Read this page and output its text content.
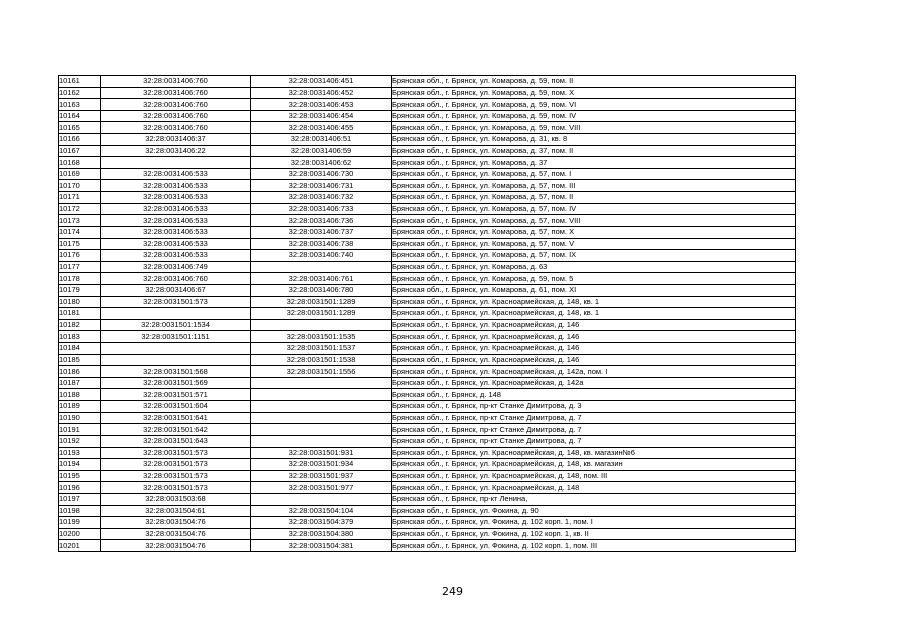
10161	32:28:0031406:760	32:28:0031406:451	Брянская обл., г. Брянск, ул. Комарова, д. 59, пом. II
10162	32:28:0031406:760	32:28:0031406:452	Брянская обл., г. Брянск, ул. Комарова, д. 59, пом. X
10163	32:28:0031406:760	32:28:0031406:453	Брянская обл., г. Брянск, ул. Комарова, д. 59, пом. VI
10164	32:28:0031406:760	32:28:0031406:454	Брянская обл., г. Брянск, ул. Комарова, д. 59, пом. IV
10165	32:28:0031406:760	32:28:0031406:455	Брянская обл., г. Брянск, ул. Комарова, д. 59, пом. VIII
10166	32:28:0031406:37	32:28:0031406:51	Брянская обл., г. Брянск, ул. Комарова, д. 31, кв. 8
10167	32:28:0031406:22	32:28:0031406:59	Брянская обл., г. Брянск, ул. Комарова, д. 37, пом. II
10168		32:28:0031406:62	Брянская обл., г. Брянск, ул. Комарова, д. 37
10169	32:28:0031406:533	32:28:0031406:730	Брянская обл., г. Брянск, ул. Комарова, д. 57, пом. I
10170	32:28:0031406:533	32:28:0031406:731	Брянская обл., г. Брянск, ул. Комарова, д. 57, пом. III
10171	32:28:0031406:533	32:28:0031406:732	Брянская обл., г. Брянск, ул. Комарова, д. 57, пом. II
10172	32:28:0031406:533	32:28:0031406:733	Брянская обл., г. Брянск, ул. Комарова, д. 57, пом. IV
10173	32:28:0031406:533	32:28:0031406:736	Брянская обл., г. Брянск, ул. Комарова, д. 57, пом. VIII
10174	32:28:0031406:533	32:28:0031406:737	Брянская обл., г. Брянск, ул. Комарова, д. 57, пом. X
10175	32:28:0031406:533	32:28:0031406:738	Брянская обл., г. Брянск, ул. Комарова, д. 57, пом. V
10176	32:28:0031406:533	32:28:0031406:740	Брянская обл., г. Брянск, ул. Комарова, д. 57, пом. IX
10177	32:28:0031406:749		Брянская обл., г. Брянск, ул. Комарова, д. 63
10178	32:28:0031406:760	32:28:0031406:761	Брянская обл., г. Брянск, ул. Комарова, д. 59, пом. 5
10179	32:28:0031406:67	32:28:0031406:780	Брянская обл., г. Брянск, ул. Комарова, д. 61, пом. XI
10180	32:28:0031501:573	32:28:0031501:1289	Брянская обл., г. Брянск, ул. Красноармейская, д. 148, кв. 1
10181		32:28:0031501:1289	Брянская обл., г. Брянск, ул. Красноармейская, д. 148, кв. 1
10182	32:28:0031501:1534		Брянская обл., г. Брянск, ул. Красноармейская, д. 146
10183	32:28:0031501:1151	32:28:0031501:1535	Брянская обл., г. Брянск, ул. Красноармейская, д. 146
10184		32:28:0031501:1537	Брянская обл., г. Брянск, ул. Красноармейская, д. 146
10185		32:28:0031501:1538	Брянская обл., г. Брянск, ул. Красноармейская, д. 146
10186	32:28:0031501:568	32:28:0031501:1556	Брянская обл., г. Брянск, ул. Красноармейская, д. 142а, пом. I
10187	32:28:0031501:569		Брянская обл., г. Брянск, ул. Красноармейская, д. 142а
10188	32:28:0031501:571		Брянская обл., г. Брянск, д. 148
10189	32:28:0031501:604		Брянская обл., г. Брянск, пр-кт Станке Димитрова, д. 3
10190	32:28:0031501:641		Брянская обл., г. Брянск, пр-кт Станке Димитрова, д. 7
10191	32:28:0031501:642		Брянская обл., г. Брянск, пр-кт Станке Димитрова, д. 7
10192	32:28:0031501:643		Брянская обл., г. Брянск, пр-кт Станке Димитрова, д. 7
10193	32:28:0031501:573	32:28:0031501:931	Брянская обл., г. Брянск, ул. Красноармейская, д. 148, кв. магазин№6
10194	32:28:0031501:573	32:28:0031501:934	Брянская обл., г. Брянск, ул. Красноармейская, д. 148, кв. магазин
10195	32:28:0031501:573	32:28:0031501:937	Брянская обл., г. Брянск, ул. Красноармейская, д. 148, пом. III
10196	32:28:0031501:573	32:28:0031501:977	Брянская обл., г. Брянск, ул. Красноармейская, д. 148
10197	32:28:0031503:68		Брянская обл., г. Брянск, пр-кт Ленина,
10198	32:28:0031504:61	32:28:0031504:104	Брянская обл., г. Брянск, ул. Фокина, д. 90
10199	32:28:0031504:76	32:28:0031504:379	Брянская обл., г. Брянск, ул. Фокина, д. 102 корп. 1, пом. I
10200	32:28:0031504:76	32:28:0031504:380	Брянская обл., г. Брянск, ул. Фокина, д. 102 корп. 1, кв. II
10201	32:28:0031504:76	32:28:0031504:381	Брянская обл., г. Брянск, ул. Фокина, д. 102 корп. 1, пом. III
249
